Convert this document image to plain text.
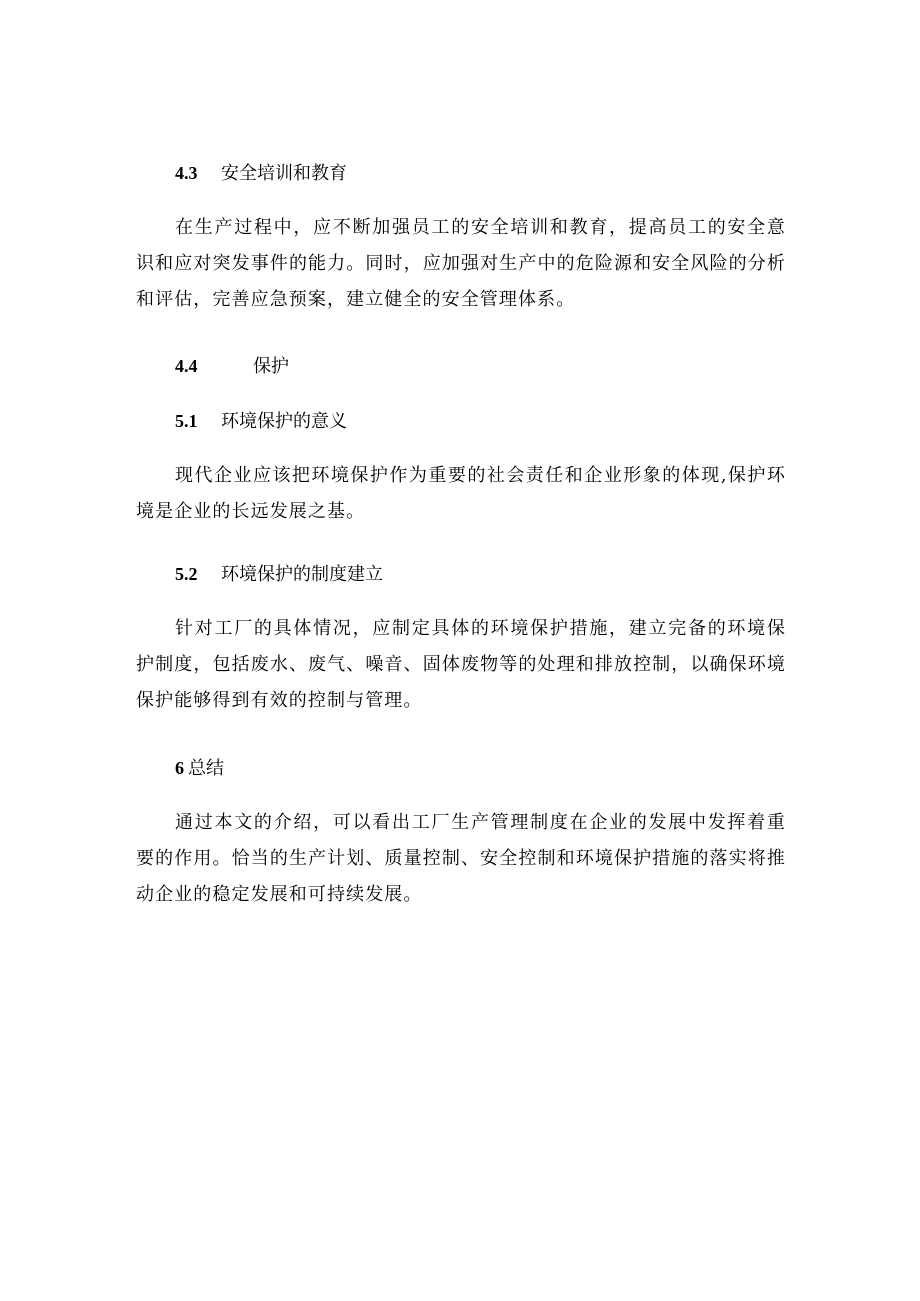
4.3 安全培训和教育

在生产过程中，应不断加强员工的安全培训和教育，提高员工的安全意识和应对突发事件的能力。同时，应加强对生产中的危险源和安全风险的分析和评估，完善应急预案，建立健全的安全管理体系。

4.4	保护
5.1 环境保护的意义

现代企业应该把环境保护作为重要的社会责任和企业形象的体现,保护环境是企业的长远发展之基。

5.2 环境保护的制度建立

针对工厂的具体情况，应制定具体的环境保护措施，建立完备的环境保护制度，包括废水、废气、噪音、固体废物等的处理和排放控制，以确保环境保护能够得到有效的控制与管理。

6 总结

通过本文的介绍，可以看出工厂生产管理制度在企业的发展中发挥着重要的作用。恰当的生产计划、质量控制、安全控制和环境保护措施的落实将推动企业的稳定发展和可持续发展。
